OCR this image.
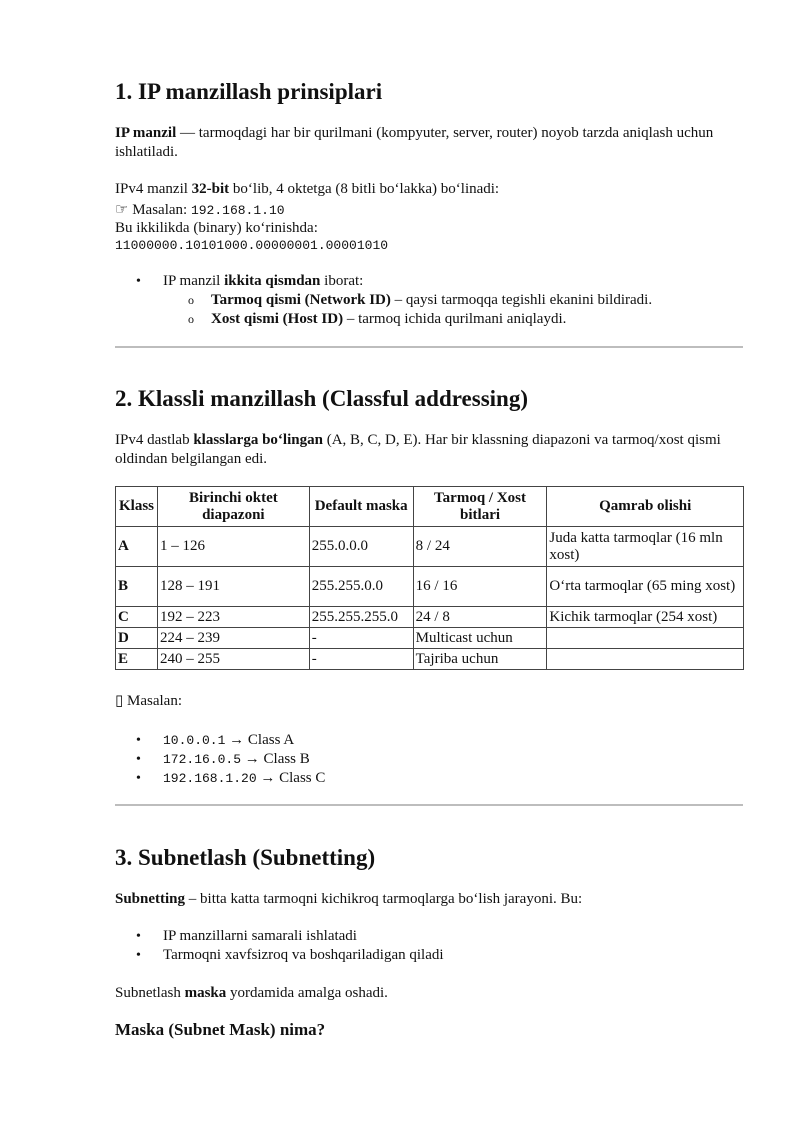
1. IP manzillash prinsiplari

IP manzil — tarmoqdagi har bir qurilmani (kompyuter, server, router) noyob tarzda aniqlash uchun ishlatiladi.

IPv4 manzil 32-bit bo‘lib, 4 oktetga (8 bitli bo‘lakka) bo‘linadi:

☞ Masalan: 192.168.1.10

Bu ikkilikda (binary) ko‘rinishda:

11000000.10101000.00000001.00001010

• IP manzil ikkita qismdan iborat:
o Tarmoq qismi (Network ID) – qaysi tarmoqqa tegishli ekanini bildiradi.
o Xost qismi (Host ID) – tarmoq ichida qurilmani aniqlaydi.
2. Klassli manzillash (Classful addressing)

IPv4 dastlab klasslarga bo‘lingan (A, B, C, D, E). Har bir klassning diapazoni va tarmoq/xost qismi oldindan belgilangan edi.

Klass	Birinchi oktet diapazoni	Default maska	Tarmoq / Xost bitlari	Qamrab olishi
A	1 – 126	255.0.0.0	8 / 24	Juda katta tarmoqlar (16 mln xost)
B	128 – 191	255.255.0.0	16 / 16	O‘rta tarmoqlar (65 ming xost)
C	192 – 223	255.255.255.0	24 / 8	Kichik tarmoqlar (254 xost)
D	224 – 239	-	Multicast uchun	
E	240 – 255	-	Tajriba uchun	

▯ Masalan:

• 10.0.0.1 → Class A
• 172.16.0.5 → Class B
• 192.168.1.20 → Class C
3. Subnetlash (Subnetting)

Subnetting – bitta katta tarmoqni kichikroq tarmoqlarga bo‘lish jarayoni. Bu:

• IP manzillarni samarali ishlatadi
• Tarmoqni xavfsizroq va boshqariladigan qiladi

Subnetlash maska yordamida amalga oshadi.

Maska (Subnet Mask) nima?
